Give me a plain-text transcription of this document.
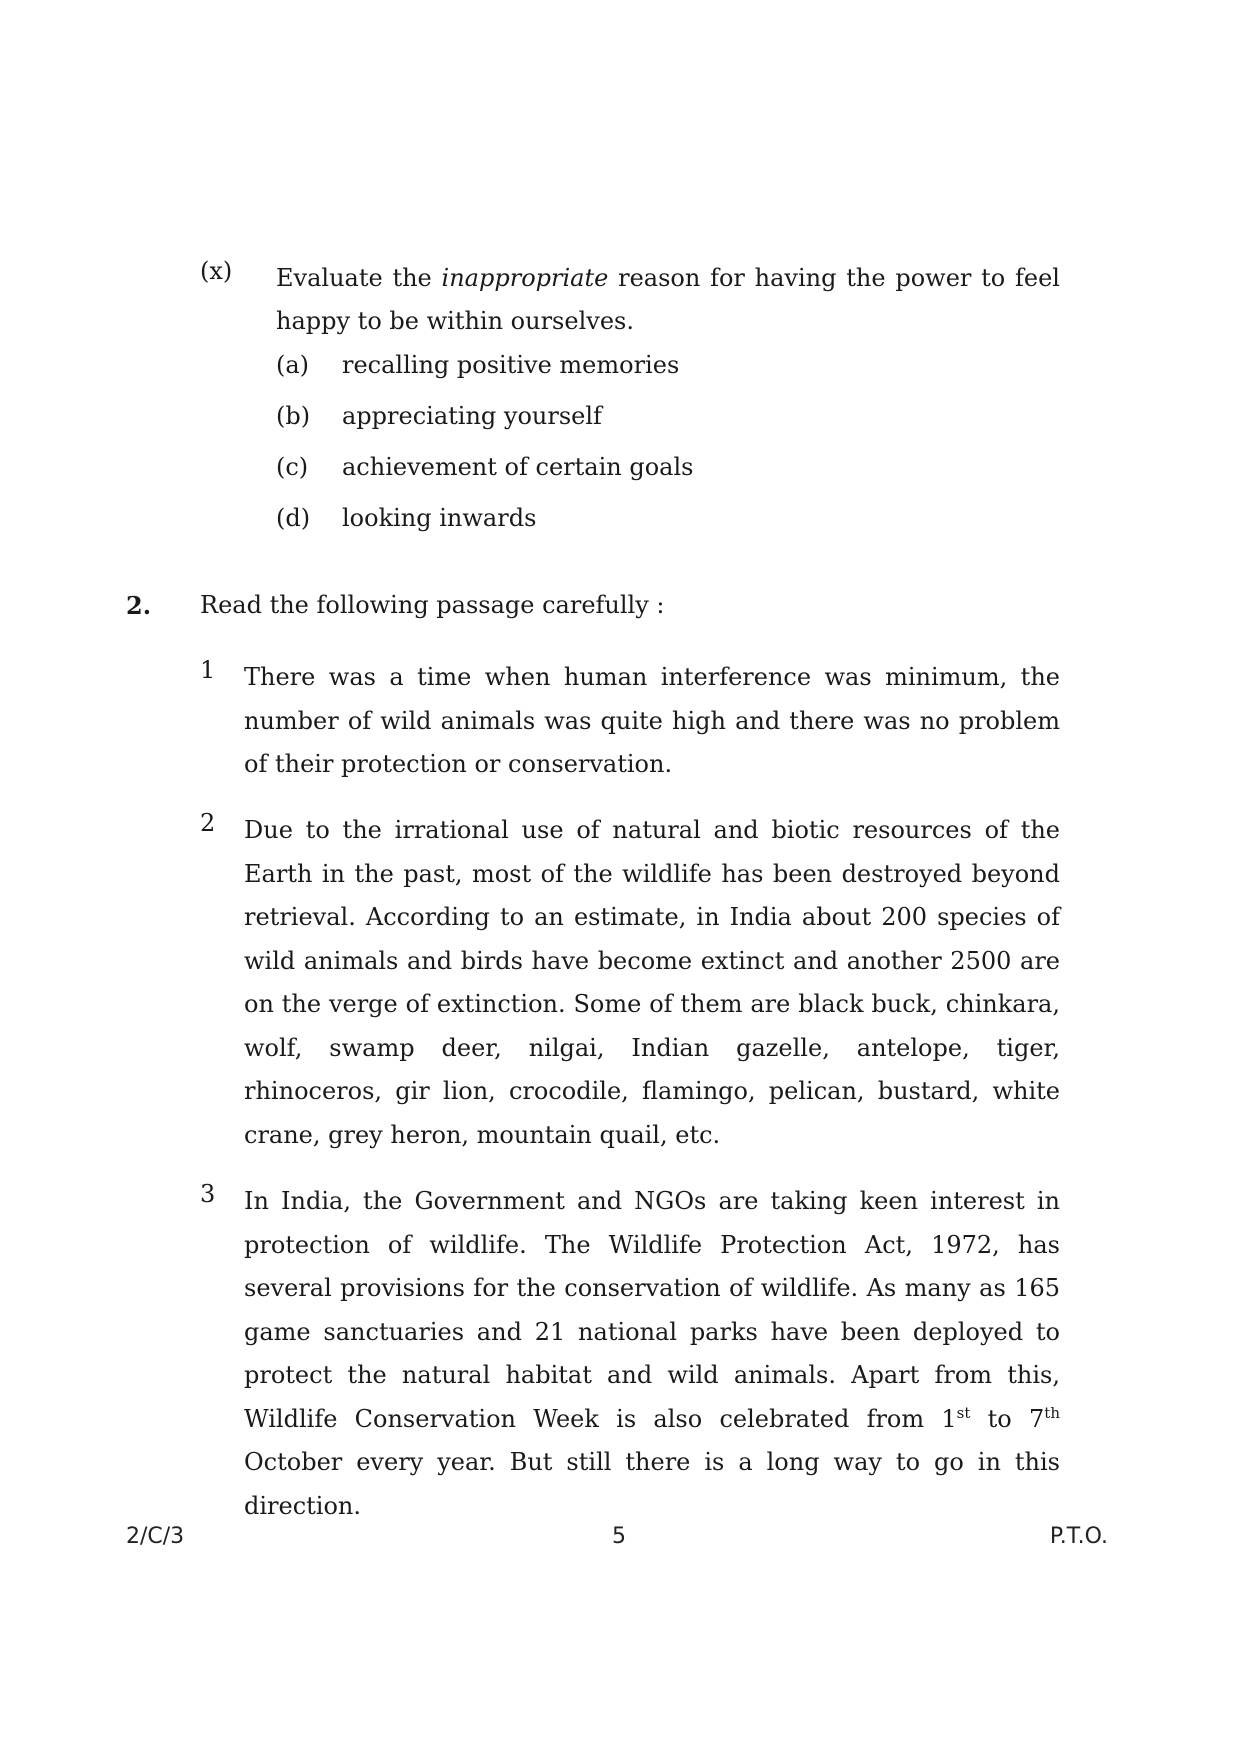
(x) Evaluate the inappropriate reason for having the power to feel happy to be within ourselves.
(a) recalling positive memories
(b) appreciating yourself
(c) achievement of certain goals
(d) looking inwards
2. Read the following passage carefully :
1 There was a time when human interference was minimum, the number of wild animals was quite high and there was no problem of their protection or conservation.
2 Due to the irrational use of natural and biotic resources of the Earth in the past, most of the wildlife has been destroyed beyond retrieval. According to an estimate, in India about 200 species of wild animals and birds have become extinct and another 2500 are on the verge of extinction. Some of them are black buck, chinkara, wolf, swamp deer, nilgai, Indian gazelle, antelope, tiger, rhinoceros, gir lion, crocodile, flamingo, pelican, bustard, white crane, grey heron, mountain quail, etc.
3 In India, the Government and NGOs are taking keen interest in protection of wildlife. The Wildlife Protection Act, 1972, has several provisions for the conservation of wildlife. As many as 165 game sanctuaries and 21 national parks have been deployed to protect the natural habitat and wild animals. Apart from this, Wildlife Conservation Week is also celebrated from 1st to 7th October every year. But still there is a long way to go in this direction.
2/C/3	5	P.T.O.
